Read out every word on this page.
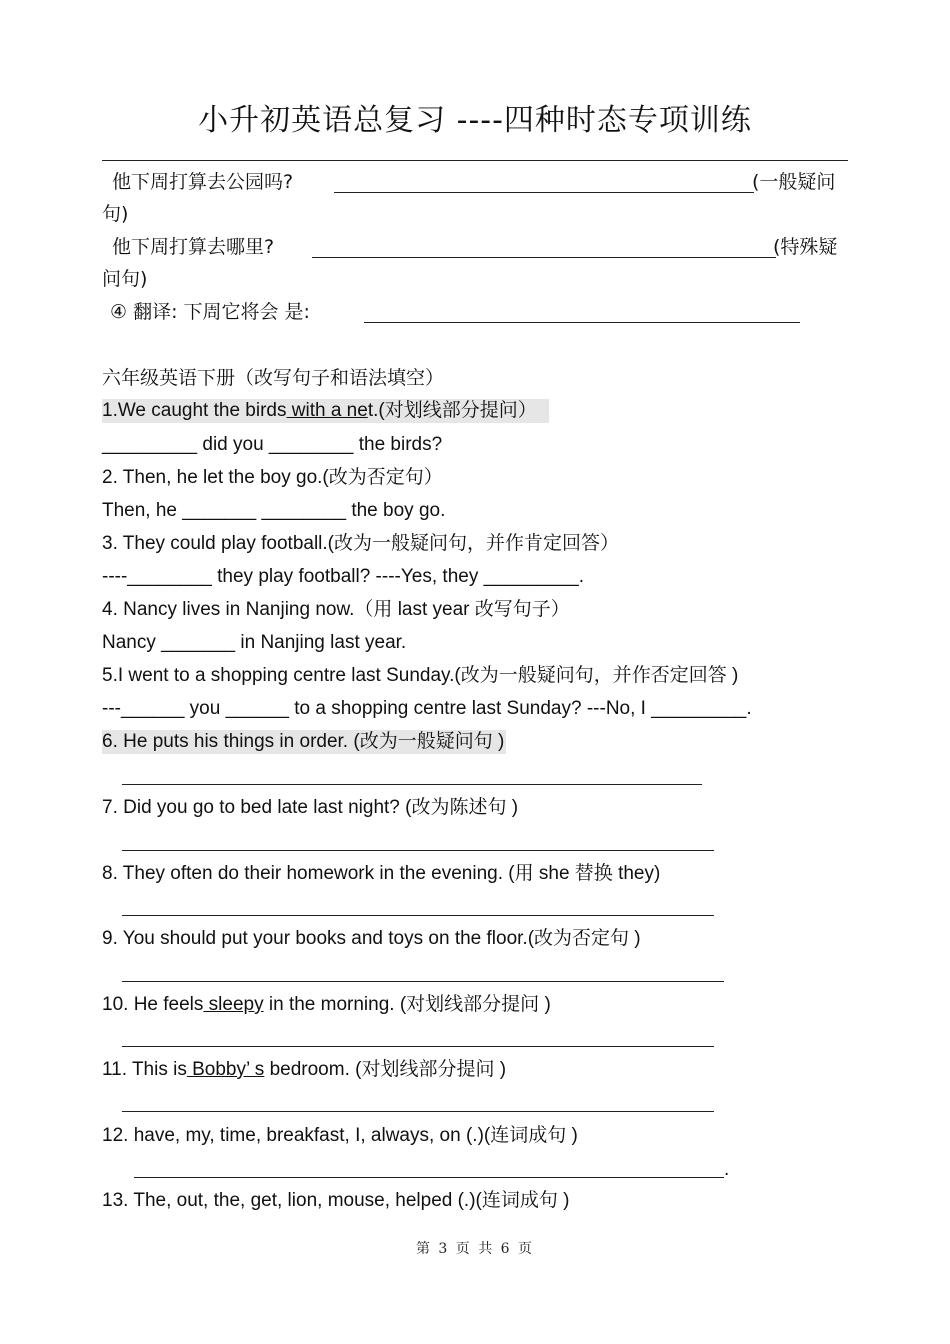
小升初英语总复习 ----四种时态专项训练
他下周打算去公园吗?	(一般疑问
句)
他下周打算去哪里?	(特殊疑
问句)
④ 翻译: 下周它将会 是:
六年级英语下册（改写句子和语法填空）
1.We caught the birds with a net.(对划线部分提问）
_________ did you ________ the birds?
2. Then, he let the boy go.(改为否定句）
Then, he _______ ________ the boy go.
3. They could play football.(改为一般疑问句，并作肯定回答）
----________ they play football? ----Yes, they _________.
4. Nancy lives in Nanjing now.（用 last year 改写句子）
Nancy _______ in Nanjing last year.
5.I went to a shopping centre last Sunday.(改为一般疑问句，并作否定回答 )
---______ you ______ to a shopping centre last Sunday? ---No, I _________.
6. He puts his things in order. (改为一般疑问句 )
7. Did you go to bed late last night? (改为陈述句 )
8. They often do their homework in the evening. (用 she 替换 they)
9. You should put your books and toys on the floor.(改为否定句 )
10. He feels sleepy in the morning. (对划线部分提问 )
11. This is Bobby’ s bedroom. (对划线部分提问 )
12. have, my, time, breakfast, I, always, on (.)(连词成句 )
.
13. The, out, the, get, lion, mouse, helped (.)(连词成句 )
第 3 页 共 6 页
